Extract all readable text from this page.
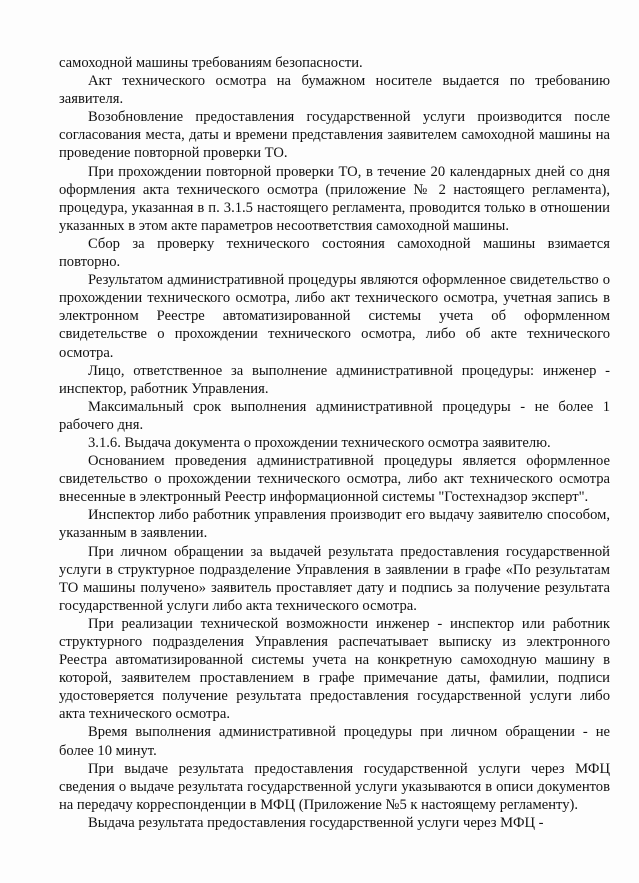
самоходной машины требованиям безопасности.

Акт технического осмотра на бумажном носителе выдается по требованию заявителя.

Возобновление предоставления государственной услуги производится после согласования места, даты и времени представления заявителем самоходной машины на проведение повторной проверки ТО.

При прохождении повторной проверки ТО, в течение 20 календарных дней со дня оформления акта технического осмотра (приложение № 2 настоящего регламента), процедура, указанная в п. 3.1.5 настоящего регламента, проводится только в отношении указанных в этом акте параметров несоответствия самоходной машины.

Сбор за проверку технического состояния самоходной машины взимается повторно.

Результатом административной процедуры являются оформленное свидетельство о прохождении технического осмотра, либо акт технического осмотра, учетная запись в электронном Реестре автоматизированной системы учета об оформленном свидетельстве о прохождении технического осмотра, либо об акте технического осмотра.

Лицо, ответственное за выполнение административной процедуры: инженер - инспектор, работник Управления.

Максимальный срок выполнения административной процедуры - не более 1 рабочего дня.

3.1.6. Выдача документа о прохождении технического осмотра заявителю.

Основанием проведения административной процедуры является оформленное свидетельство о прохождении технического осмотра, либо акт технического осмотра внесенные в электронный Реестр информационной системы "Гостехнадзор эксперт".

Инспектор либо работник управления производит его выдачу заявителю способом, указанным в заявлении.

При личном обращении за выдачей результата предоставления государственной услуги в структурное подразделение Управления в заявлении в графе «По результатам ТО машины получено» заявитель проставляет дату и подпись за получение результата государственной услуги либо акта технического осмотра.

При реализации технической возможности инженер - инспектор или работник структурного подразделения Управления распечатывает выписку из электронного Реестра автоматизированной системы учета на конкретную самоходную машину в которой, заявителем проставлением в графе примечание даты, фамилии, подписи удостоверяется получение результата предоставления государственной услуги либо акта технического осмотра.

Время выполнения административной процедуры при личном обращении - не более 10 минут.

При выдаче результата предоставления государственной услуги через МФЦ сведения о выдаче результата государственной услуги указываются в описи документов на передачу корреспонденции в МФЦ (Приложение №5 к настоящему регламенту).

Выдача результата предоставления государственной услуги через МФЦ -
